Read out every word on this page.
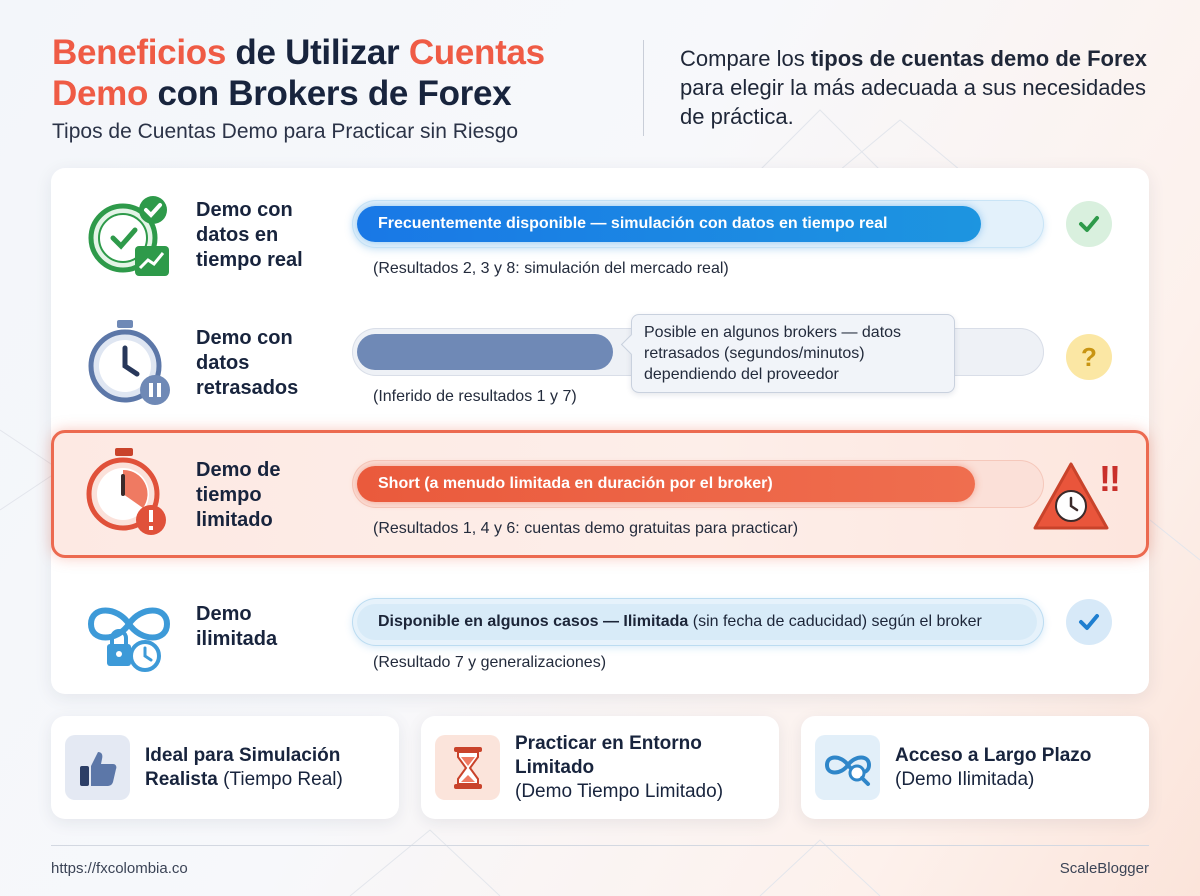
Beneficios de Utilizar Cuentas Demo con Brokers de Forex
Tipos de Cuentas Demo para Practicar sin Riesgo
Compare los tipos de cuentas demo de Forex para elegir la más adecuada a sus necesidades de práctica.
Demo con datos en tiempo real
Frecuentemente disponible — simulación con datos en tiempo real
(Resultados 2, 3 y 8: simulación del mercado real)
Demo con datos retrasados
Posible en algunos brokers — datos retrasados (segundos/minutos) dependiendo del proveedor
(Inferido de resultados 1 y 7)
?
Demo de tiempo limitado
Short (a menudo limitada en duración por el broker)
(Resultados 1, 4 y 6: cuentas demo gratuitas para practicar)
!!
Demo ilimitada
Disponible en algunos casos — Ilimitada (sin fecha de caducidad) según el broker
(Resultado 7 y generalizaciones)
Ideal para Simulación Realista (Tiempo Real)
Practicar en Entorno Limitado
(Demo Tiempo Limitado)
Acceso a Largo Plazo
(Demo Ilimitada)
https://fxcolombia.co	ScaleBlogger
